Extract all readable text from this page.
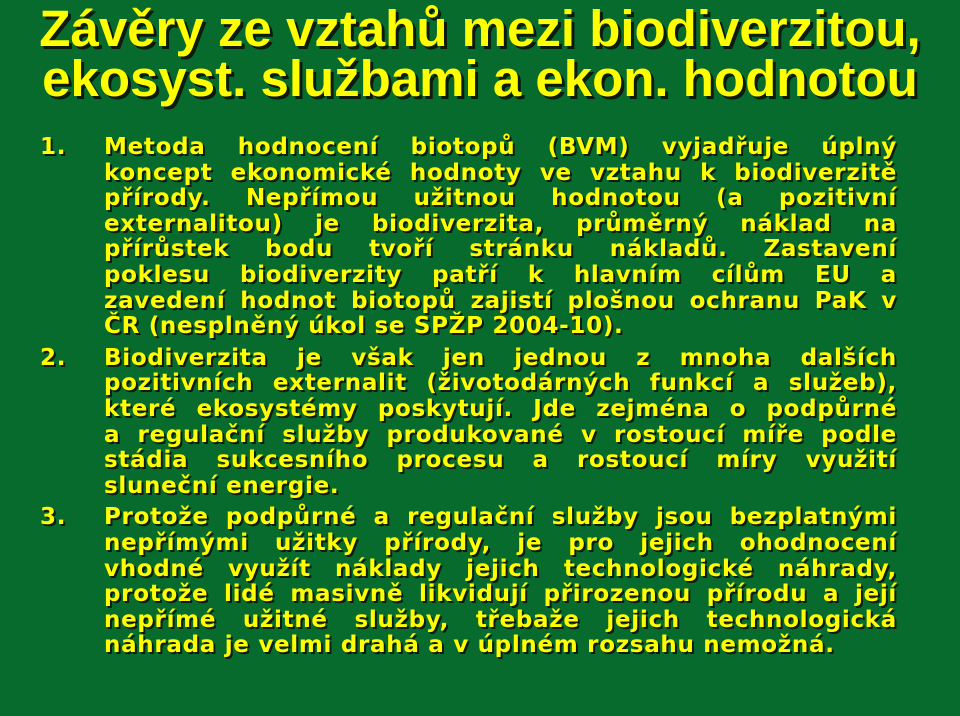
Závěry ze vztahů mezi biodiverzitou,
ekosyst. službami a ekon. hodnotou
1.	Metoda hodnocení biotopů (BVM) vyjadřuje úplný
koncept ekonomické hodnoty ve vztahu k biodiverzitě
přírody. Nepřímou užitnou hodnotou (a pozitivní
externalitou) je biodiverzita, průměrný náklad na
přírůstek bodu tvoří stránku nákladů. Zastavení
poklesu biodiverzity patří k hlavním cílům EU a
zavedení hodnot biotopů zajistí plošnou ochranu PaK v
ČR (nesplněný úkol se SPŽP 2004-10).
2.	Biodiverzita je však jen jednou z mnoha dalších
pozitivních externalit (životodárných funkcí a služeb),
které ekosystémy poskytují. Jde zejména o podpůrné
a regulační služby produkované v rostoucí míře podle
stádia sukcesního procesu a rostoucí míry využití
sluneční energie.
3.	Protože podpůrné a regulační služby jsou bezplatnými
nepřímými užitky přírody, je pro jejich ohodnocení
vhodné využít náklady jejich technologické náhrady,
protože lidé masivně likvidují přirozenou přírodu a její
nepřímé užitné služby, třebaže jejich technologická
náhrada je velmi drahá a v úplném rozsahu nemožná.
